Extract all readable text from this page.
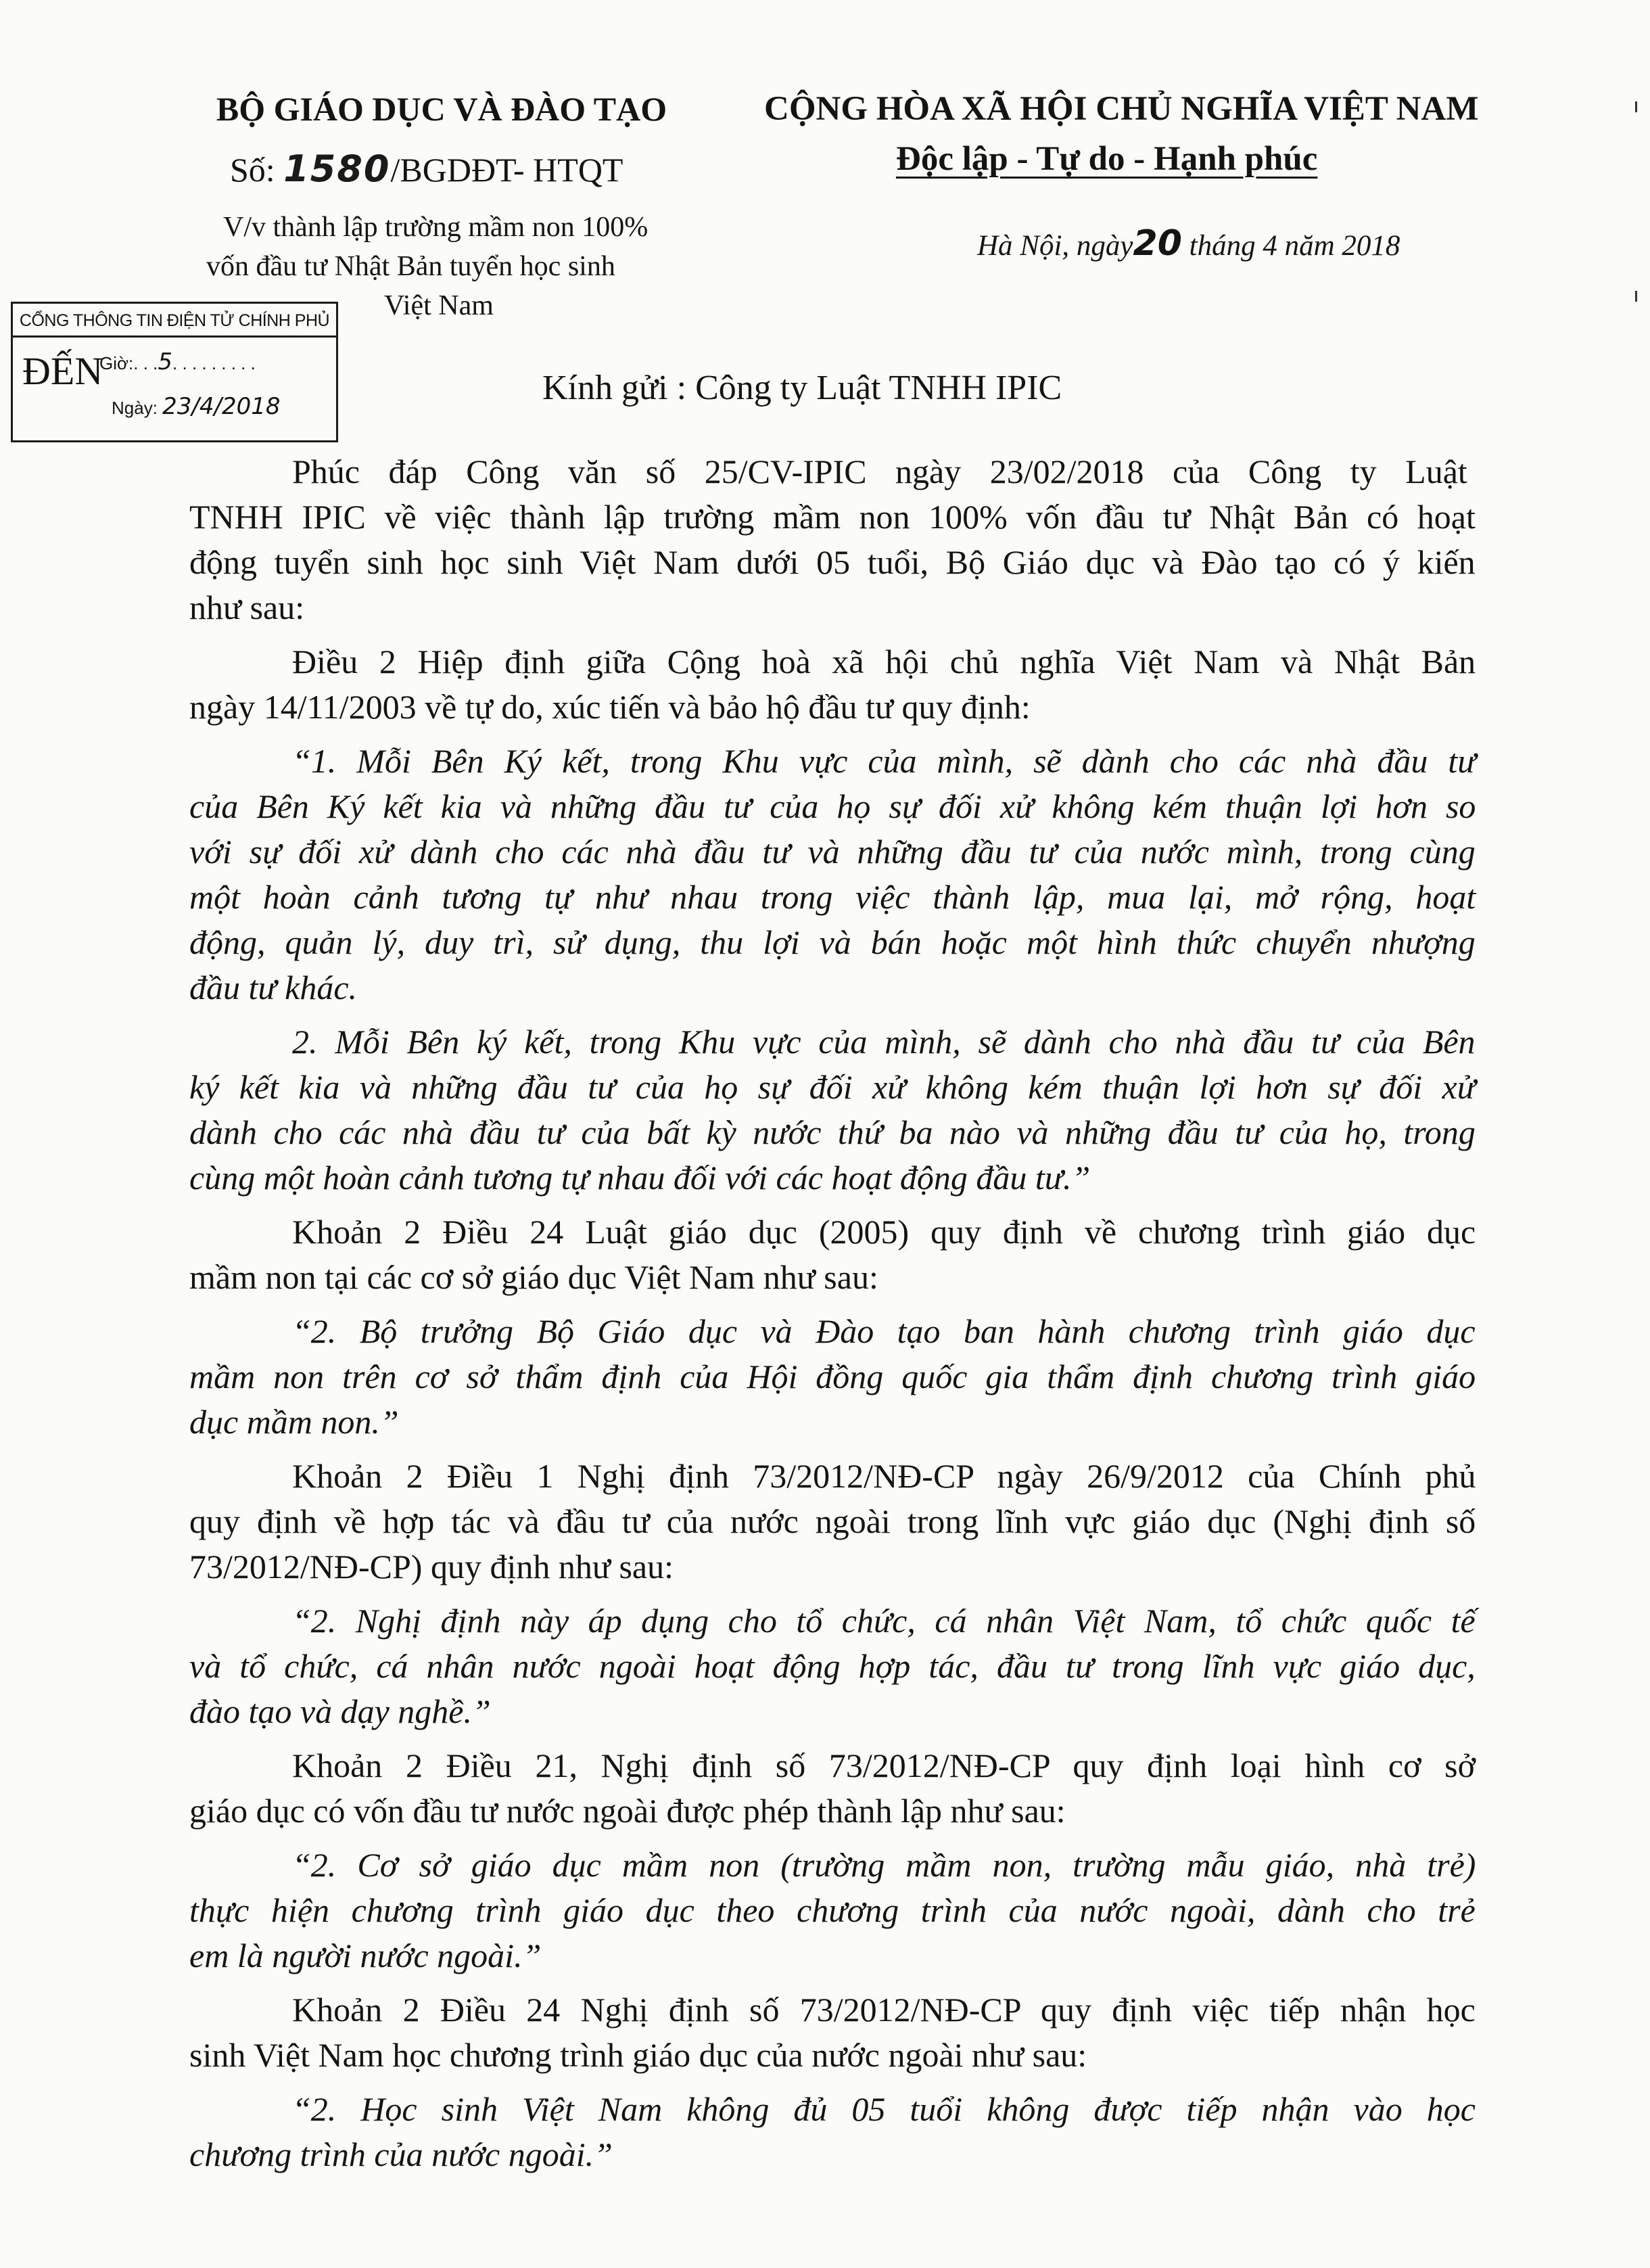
BỘ GIÁO DỤC VÀ ĐÀO TẠO
Số: 1580/BGDĐT- HTQT
V/v thành lập trường mầm non 100%
vốn đầu tư Nhật Bản tuyển học sinh
Việt Nam
CỘNG HÒA XÃ HỘI CHỦ NGHĨA VIỆT NAM
Độc lập - Tự do - Hạnh phúc
Hà Nội, ngày20 tháng 4 năm 2018
CỔNG THÔNG TIN ĐIỆN TỬ CHÍNH PHỦ
ĐẾN
Giờ:. . .5. . . . . . . . .
Ngày: 23/4/2018	Kính gửi : Công ty Luật TNHH IPIC
Phúc đáp Công văn số 25/CV-IPIC ngày 23/02/2018 của Công ty Luật
TNHH IPIC về việc thành lập trường mầm non 100% vốn đầu tư Nhật Bản có hoạt
động tuyển sinh học sinh Việt Nam dưới 05 tuổi, Bộ Giáo dục và Đào tạo có ý kiến
như sau:
Điều 2 Hiệp định giữa Cộng hoà xã hội chủ nghĩa Việt Nam và Nhật Bản
ngày 14/11/2003 về tự do, xúc tiến và bảo hộ đầu tư quy định:
“1. Mỗi Bên Ký kết, trong Khu vực của mình, sẽ dành cho các nhà đầu tư
của Bên Ký kết kia và những đầu tư của họ sự đối xử không kém thuận lợi hơn so
với sự đối xử dành cho các nhà đầu tư và những đầu tư của nước mình, trong cùng
một hoàn cảnh tương tự như nhau trong việc thành lập, mua lại, mở rộng, hoạt
động, quản lý, duy trì, sử dụng, thu lợi và bán hoặc một hình thức chuyển nhượng
đầu tư khác.
2. Mỗi Bên ký kết, trong Khu vực của mình, sẽ dành cho nhà đầu tư của Bên
ký kết kia và những đầu tư của họ sự đối xử không kém thuận lợi hơn sự đối xử
dành cho các nhà đầu tư của bất kỳ nước thứ ba nào và những đầu tư của họ, trong
cùng một hoàn cảnh tương tự nhau đối với các hoạt động đầu tư.”
Khoản 2 Điều 24 Luật giáo dục (2005) quy định về chương trình giáo dục
mầm non tại các cơ sở giáo dục Việt Nam như sau:
“2. Bộ trưởng Bộ Giáo dục và Đào tạo ban hành chương trình giáo dục
mầm non trên cơ sở thẩm định của Hội đồng quốc gia thẩm định chương trình giáo
dục mầm non.”
Khoản 2 Điều 1 Nghị định 73/2012/NĐ-CP ngày 26/9/2012 của Chính phủ
quy định về hợp tác và đầu tư của nước ngoài trong lĩnh vực giáo dục (Nghị định số
73/2012/NĐ-CP) quy định như sau:
“2. Nghị định này áp dụng cho tổ chức, cá nhân Việt Nam, tổ chức quốc tế
và tổ chức, cá nhân nước ngoài hoạt động hợp tác, đầu tư trong lĩnh vực giáo dục,
đào tạo và dạy nghề.”
Khoản 2 Điều 21, Nghị định số 73/2012/NĐ-CP quy định loại hình cơ sở
giáo dục có vốn đầu tư nước ngoài được phép thành lập như sau:
“2. Cơ sở giáo dục mầm non (trường mầm non, trường mẫu giáo, nhà trẻ)
thực hiện chương trình giáo dục theo chương trình của nước ngoài, dành cho trẻ
em là người nước ngoài.”
Khoản 2 Điều 24 Nghị định số 73/2012/NĐ-CP quy định việc tiếp nhận học
sinh Việt Nam học chương trình giáo dục của nước ngoài như sau:
“2. Học sinh Việt Nam không đủ 05 tuổi không được tiếp nhận vào học
chương trình của nước ngoài.”
